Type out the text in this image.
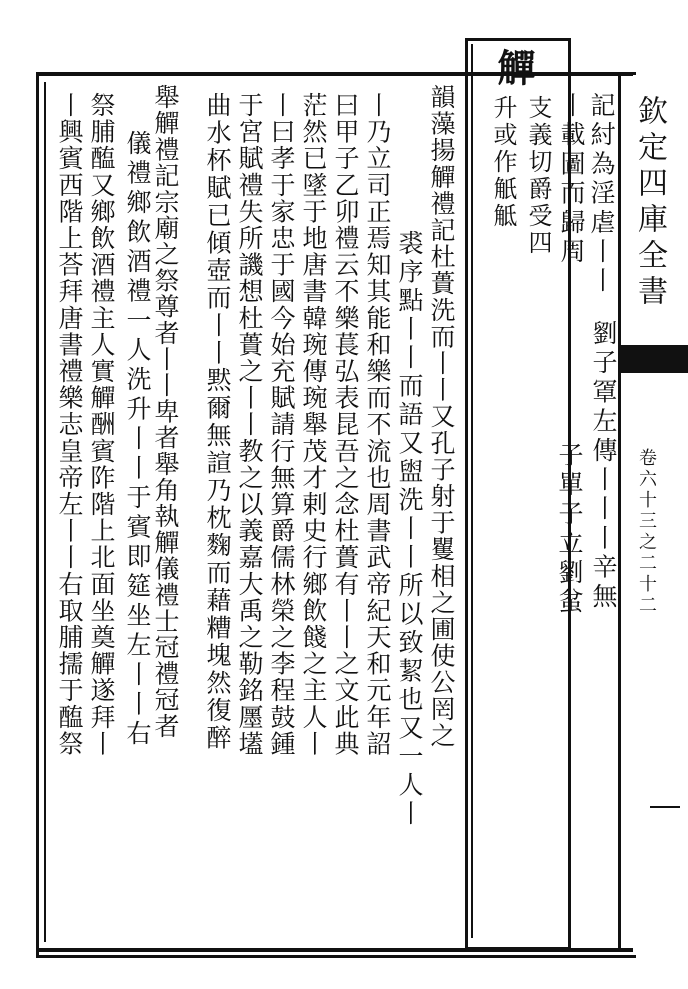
欽定四庫全書
卷六十三之二十二
觶
支義切爵受四
升或作觗觝	記紂為淫虐丨丨
丨載圖而歸周
劉子𦋐左傳丨丨丨辛無
子單子立劉蚠
韻藻揚觶禮記杜蕢洗而丨丨又孔子射于矍相之圃使公罔之
裘序點丨丨而語又盥洗丨丨所以致絜也又一人丨
丨乃立司正焉知其能和樂而不流也周書武帝紀天和元年詔
曰甲子乙卯禮云不樂萇弘表昆吾之念杜蕢有丨丨之文此典
茫然已墜于地唐書韓琬傳琬舉茂才剌史行鄉飲餞之主人丨
丨曰孝于家忠于國今始充賦請行無算爵儒林榮之李程鼓鍾
于宮賦禮失所譏想杜蕢之丨丨教之以義嘉大禹之勒銘㕓壒
曲水杯賦已傾壺而丨丨黙爾無諠乃枕麴而藉糟塊然復醉
舉觶禮記宗廟之祭尊者丨丨卑者舉角執觶儀禮士冠禮冠者
儀禮鄉飲酒禮一人洗升丨丨于賓即筵坐左丨丨右
祭脯醢又鄉飲酒禮主人實觶酬賓阼階上北面坐奠觶遂拜丨
丨興賓西階上荅拜唐書禮樂志皇帝左丨丨右取脯擩于醢祭
